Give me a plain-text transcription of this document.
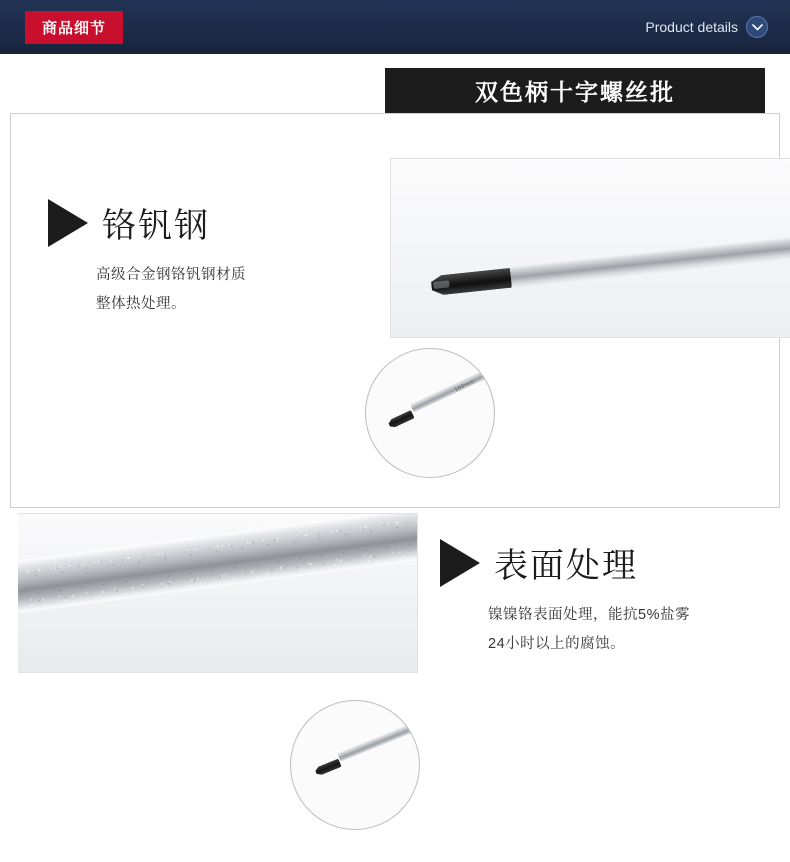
商品细节	Product details
双色柄十字螺丝批
铬钒钢
高级合金钢铬钒钢材质
整体热处理。
100mm
表面处理
镍镍铬表面处理，能抗5%盐雾
24小时以上的腐蚀。
